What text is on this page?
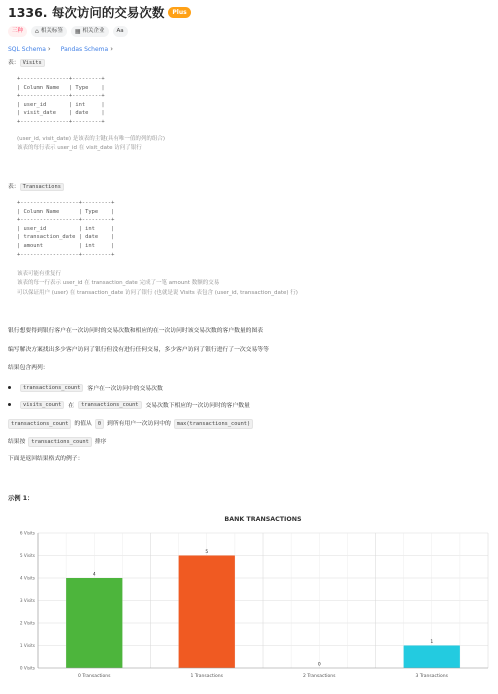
1336. 每次访问的交易次数	Plus
三种	⌂ 相关标签 ▦ 相关企业 Aa
SQL Schema › Pandas Schema ›
表： Visits
+---------------+---------+
| Column Name   | Type    |
+---------------+---------+
| user_id       | int     |
| visit_date    | date    |
+---------------+---------+
(user_id, visit_date) 是该表的主键(具有唯一值的列的组合)
该表的每行表示 user_id 在 visit_date 访问了银行
表： Transactions
+------------------+---------+
| Column Name      | Type    |
+------------------+---------+
| user_id          | int     |
| transaction_date | date    |
| amount           | int     |
+------------------+---------+
该表可能有重复行
该表的每一行表示 user_id 在 transaction_date 完成了一笔 amount 数额的交易
可以保证用户 (user) 在 transaction_date 访问了银行 (也就是说 Visits 表包含 (user_id, transaction_date) 行)
银行想要得到银行客户在一次访问时的交易次数和相应的在一次访问时该交易次数的客户数量的图表
编写解决方案找出多少客户访问了银行但没有进行任何交易，多少客户访问了银行进行了一次交易等等
结果包含两列：
transactions_count	客户在一次访问中的交易次数
visits_count	在	transactions_count	交易次数下相应的一次访问时的客户数量
transactions_count	的值从	0	到所有用户一次访问中的	max(transactions_count)
结果按	transactions_count	排序
下面是返回结果格式的例子：
示例 1：
BANK TRANSACTIONS
0 Visits
1 Visits
2 Visits
3 Visits
4 Visits
5 Visits
6 Visits
4
0 Transactions
5
1 Transactions
0
2 Transactions
1
3 Transactions
